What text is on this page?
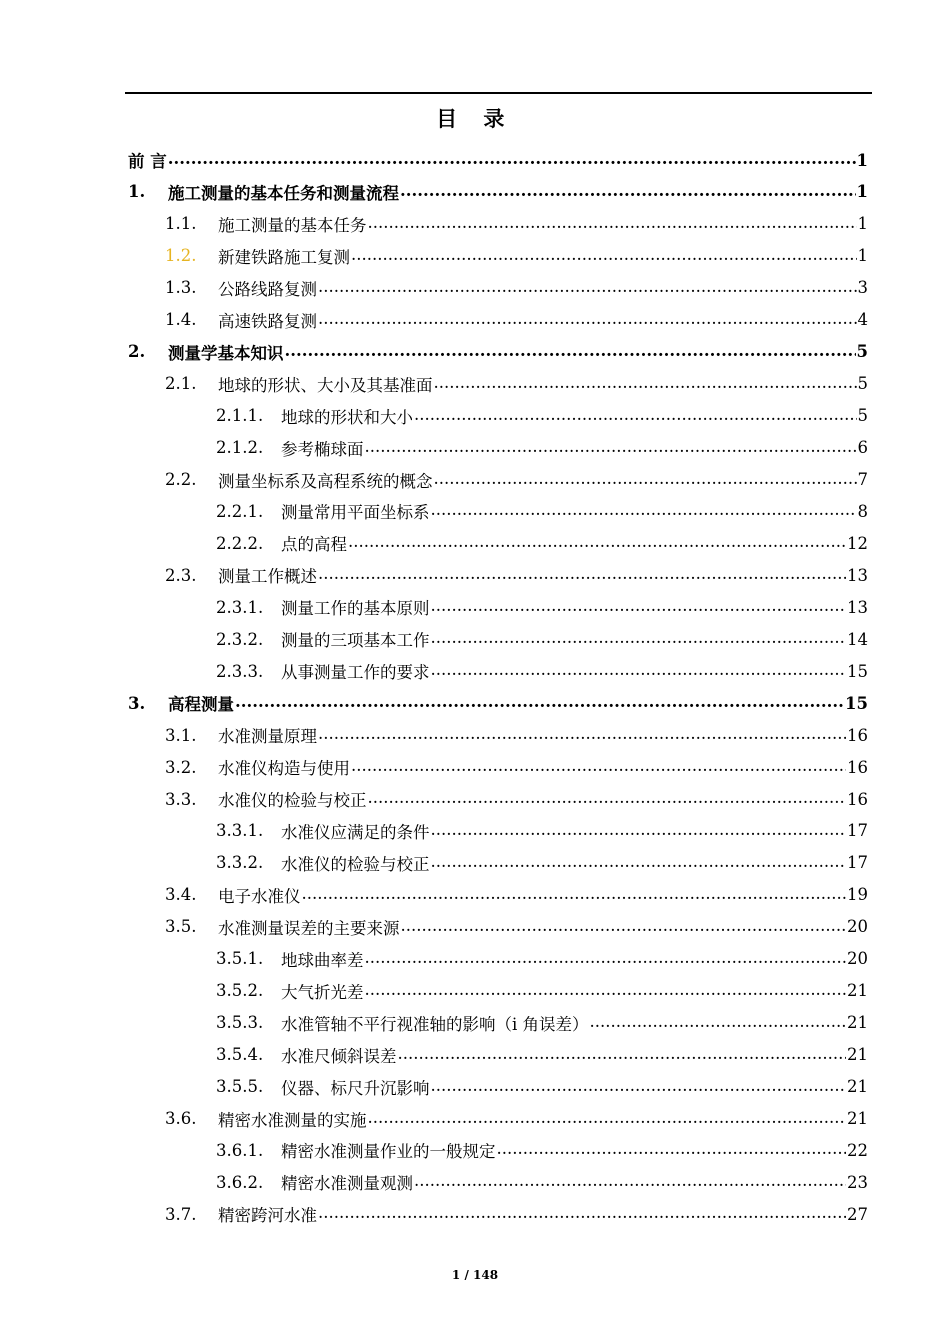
目 录
前 言 .....	1
1.	施工测量的基本任务和测量流程 .....	1
1.1.	施工测量的基本任务 .....	1
1.2.	新建铁路施工复测 .....	1
1.3.	公路线路复测 .....	3
1.4.	高速铁路复测 .....	4
2.	测量学基本知识 .....	5
2.1.	地球的形状、大小及其基准面 .....	5
2.1.1.	地球的形状和大小 .....	5
2.1.2.	参考椭球面 .....	6
2.2.	测量坐标系及高程系统的概念 .....	7
2.2.1.	测量常用平面坐标系 .....	8
2.2.2.	点的高程 .....	12
2.3.	测量工作概述 .....	13
2.3.1.	测量工作的基本原则 .....	13
2.3.2.	测量的三项基本工作 .....	14
2.3.3.	从事测量工作的要求 .....	15
3.	高程测量 .....	15
3.1.	水准测量原理 .....	16
3.2.	水准仪构造与使用 .....	16
3.3.	水准仪的检验与校正 .....	16
3.3.1.	水准仪应满足的条件 .....	17
3.3.2.	水准仪的检验与校正 .....	17
3.4.	电子水准仪 .....	19
3.5.	水准测量误差的主要来源 .....	20
3.5.1.	地球曲率差 .....	20
3.5.2.	大气折光差 .....	21
3.5.3.	水准管轴不平行视准轴的影响（i 角误差） .....	21
3.5.4.	水准尺倾斜误差 .....	21
3.5.5.	仪器、标尺升沉影响 .....	21
3.6.	精密水准测量的实施 .....	21
3.6.1.	精密水准测量作业的一般规定 .....	22
3.6.2.	精密水准测量观测 .....	23
3.7.	精密跨河水准 .....	27
1 / 148
